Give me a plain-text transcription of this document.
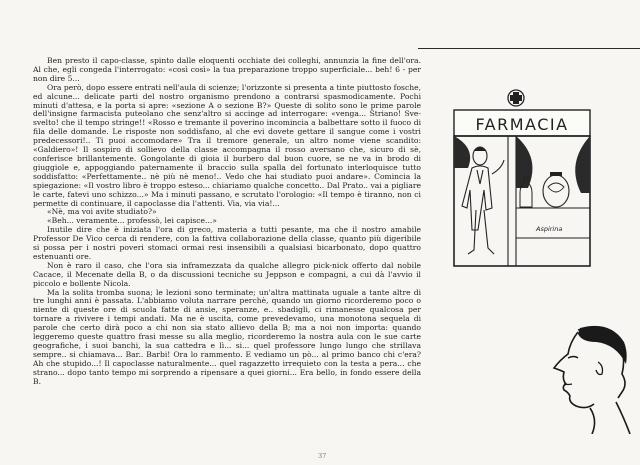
Ben presto il capo-classe, spinto dalle eloquenti occhiate dei colleghi, annunzia la fine dell'ora. Al che, egli congeda l'interrogato: «così così» la tua preparazione troppo superficiale... beh! 6 - per non dire 5...

Ora però, dopo essere entrati nell'aula di scienze; l'orizzonte si presenta a tinte piuttosto fosche, ed alcune... delicate parti del nostro organismo prendono a contrarsi spasmodicamente. Pochi minuti d'attesa, e la porta si apre: «sezione A o sezione B?» Queste di solito sono le prime parole dell'insigne farmacista puteolano che senz'altro si accinge ad interrogare: «venga... Striano! Sve-svelto! che il tempo stringe!! «Rosso e tremante il poverino incomincia a balbettare sotto il fuoco di fila delle domande. Le risposte non soddisfano, al che evi dovete gettare il sangue come i vostri predecessori!.. Ti puoi accomodare» Tra il tremore generale, un altro nome viene scandito: «Galdiero»! Il sospiro di sollievo della classe accompagna il rosso aversano che, sicuro di sè, conferisce brillantemente. Gongolante di gioia il burbero dal buon cuore, se ne va in brodo di giuggiole e, appoggiando paternamente il braccio sulla spalla del fortunato interloquisce tutto soddisfatto: «Perfettamente.. nè più nè meno!.. Vedo che hai studiato puoi andare». Comincia la spiegazione: «Il vostro libro è troppo esteso... chiariamo qualche concetto.. Dal Prato.. vai a pigliare le carte, fatevi uno schizzo...» Ma i minuti passano, e scrutato l'orologio: «Il tempo è tiranno, non ci permette di continuare, il capoclasse dia l'attenti. Via, via via!...

«Nè, ma voi avite studiato?»

«Beh... veramente... professò, lei capisce...»

Inutile dire che è iniziata l'ora di greco, materia a tutti pesante, ma che il nostro amabile Professor De Vico cerca di rendere, con la fattiva collaborazione della classe, quanto più digeribile si possa per i nostri poveri stomaci ormai resi insensibili a qualsiasi bicarbonato, dopo quattro estenuanti ore.

Non è raro il caso, che l'ora sia inframezzata da qualche allegro pick-nick offerto dal nobile Cacace, il Mecenate della B, o da discussioni tecniche su Jeppson e compagni, a cui dà l'avvio il piccolo e bollente Nicola.

Ma la solita tromba suona; le lezioni sono terminate; un'altra mattinata uguale a tante altre di tre lunghi anni è passata. L'abbiamo voluta narrare perchè, quando un giorno ricorderemo poco o niente di queste ore di scuola fatte di ansie, speranze, e.. sbadigli, ci rimanesse qualcosa per tornare a rivivere i tempi andati. Ma ne è uscita, come prevedevamo, una monotona sequela di parole che certo dirà poco a chi non sia stato allievo della B; ma a noi non importa: quando leggeremo queste quattro frasi messe su alla meglio, ricorderemo la nostra aula con le sue carte geografiche, i suoi banchi, la sua cattedra e lì... si... quel professore lungo lungo che strillava sempre.. si chiamava... Bar.. Barbi! Ora lo rammento. E vediamo un pò... al primo banco chi c'era? Ah che stupido...! Il capoclasse naturalmente... quel ragazzetto irrequieto con la testa a pera... che strano... dopo tanto tempo mi sorprendo a ripensare a quei giorni... Era bello, in fondo essere della B.

FARMACIA
Aspirina
37
